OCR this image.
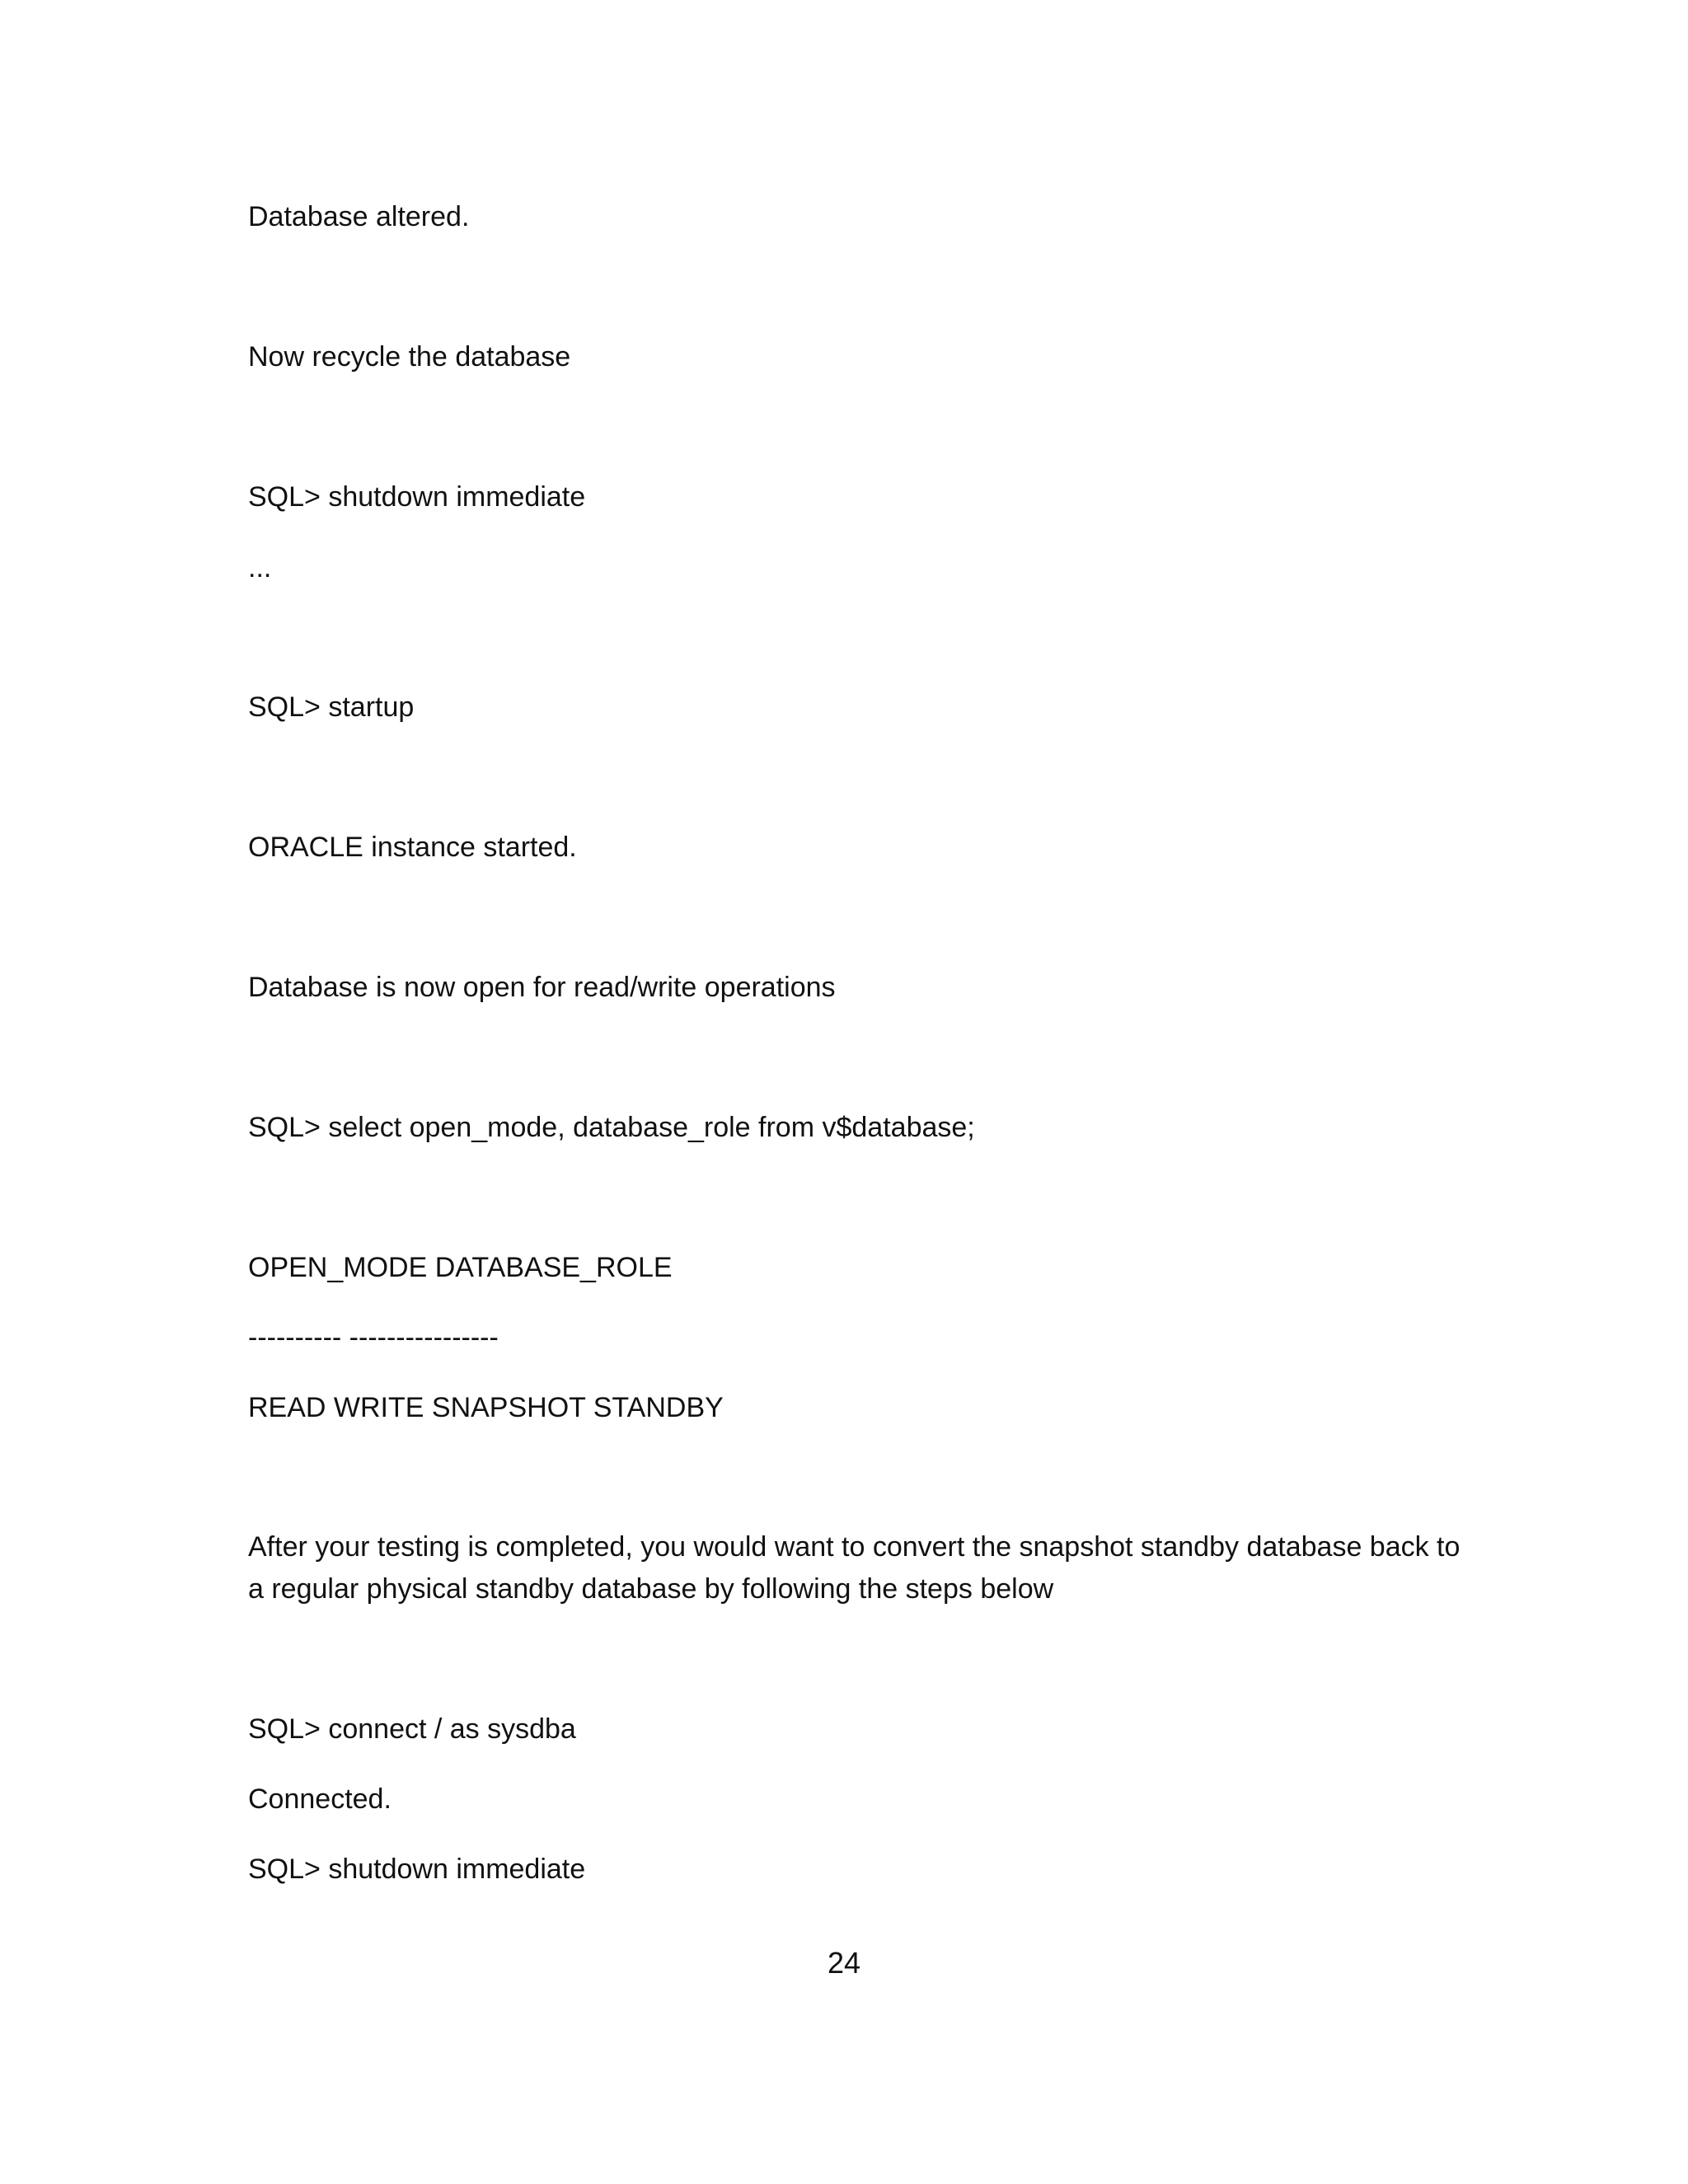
Database altered.

Now recycle the database

SQL> shutdown immediate

...

SQL> startup

ORACLE instance started.

Database is now open for read/write operations

SQL> select open_mode, database_role from v$database;

OPEN_MODE DATABASE_ROLE

---------- ----------------

READ WRITE SNAPSHOT STANDBY

After your testing is completed, you would want to convert the snapshot standby database back to a regular physical standby database by following the steps below

SQL> connect / as sysdba

Connected.

SQL> shutdown immediate

24
